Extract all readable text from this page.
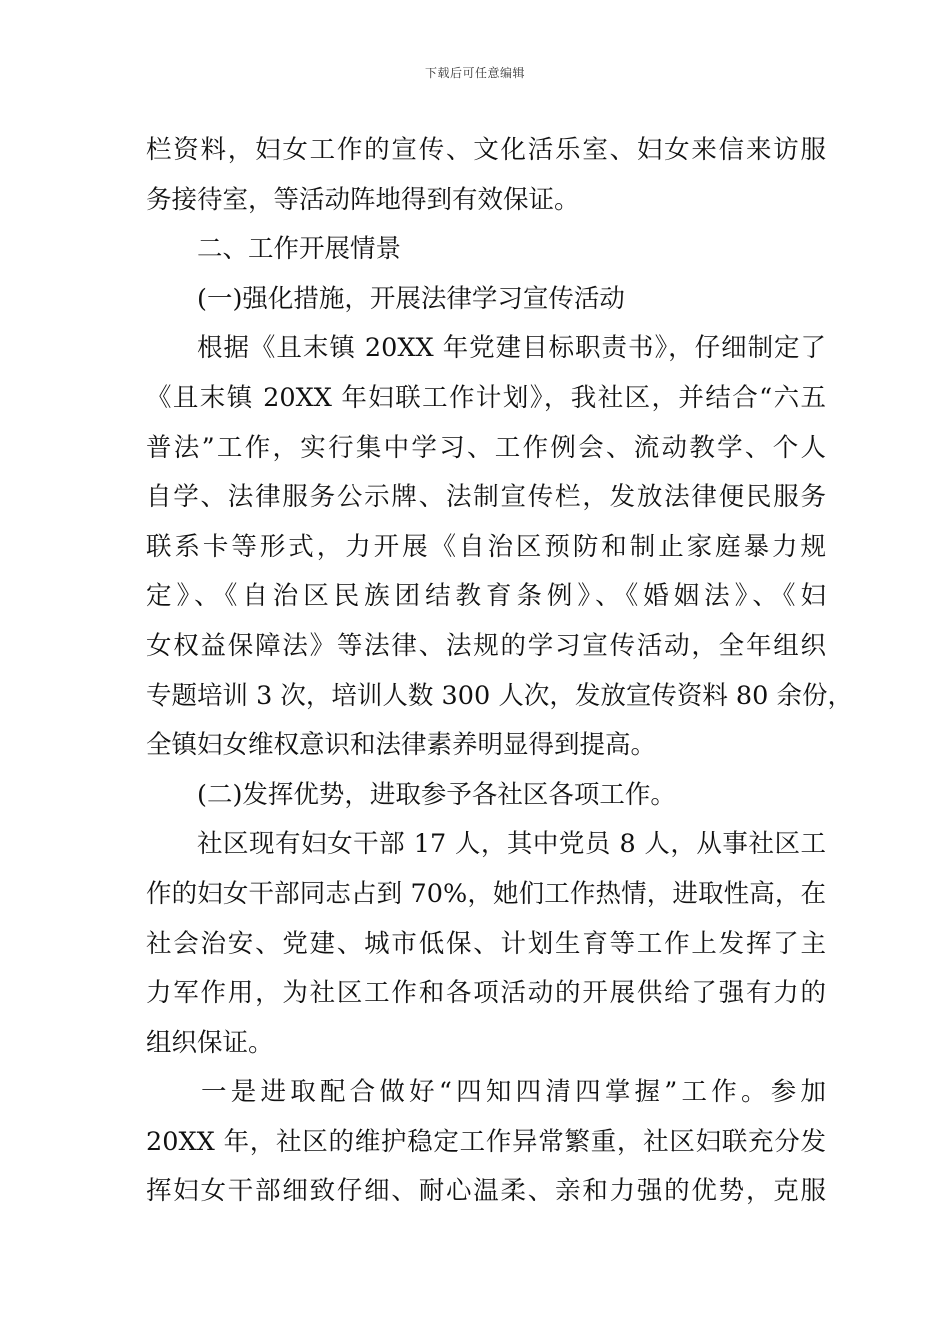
下载后可任意编辑
栏资料，妇女工作的宣传、文化活乐室、妇女来信来访服
务接待室，等活动阵地得到有效保证。
二、工作开展情景
(一)强化措施，开展法律学习宣传活动
根据《且末镇 20XX 年党建目标职责书》，仔细制定了
《且末镇 20XX 年妇联工作计划》，我社区，并结合“六五
普法”工作，实行集中学习、工作例会、流动教学、个人
自学、法律服务公示牌、法制宣传栏，发放法律便民服务
联系卡等形式，力开展《自治区预防和制止家庭暴力规
定》、《自治区民族团结教育条例》、《婚姻法》、《妇
女权益保障法》等法律、法规的学习宣传活动，全年组织
专题培训 3 次，培训人数 300 人次，发放宣传资料 80 余份，
全镇妇女维权意识和法律素养明显得到提高。
(二)发挥优势，进取参予各社区各项工作。
社区现有妇女干部 17 人，其中党员 8 人，从事社区工
作的妇女干部同志占到 70%，她们工作热情，进取性高，在
社会治安、党建、城市低保、计划生育等工作上发挥了主
力军作用，为社区工作和各项活动的开展供给了强有力的
组织保证。
一是进取配合做好“四知四清四掌握”工作。参加
20XX 年，社区的维护稳定工作异常繁重，社区妇联充分发
挥妇女干部细致仔细、耐心温柔、亲和力强的优势，克服
